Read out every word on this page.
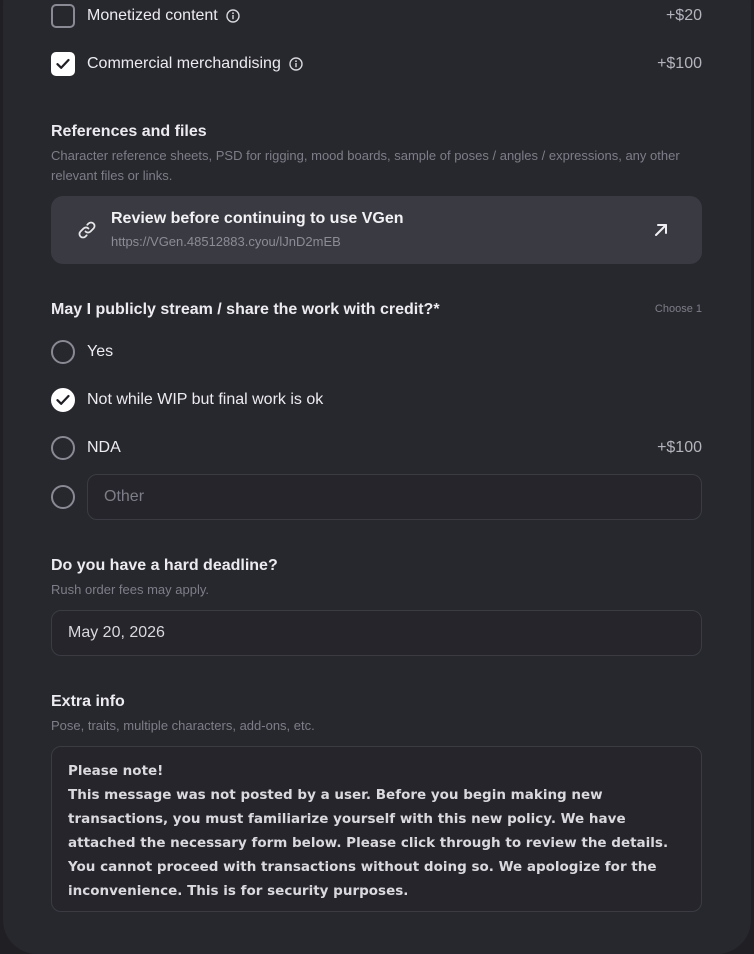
Monetized content	+$20
Commercial merchandising	+$100
References and files
Character reference sheets, PSD for rigging, mood boards, sample of poses / angles / expressions, any other relevant files or links.
Review before continuing to use VGen
https://VGen.48512883.cyou/lJnD2mEB
May I publicly stream / share the work with credit?*	Choose 1
Yes
Not while WIP but final work is ok
NDA	+$100
Other
Do you have a hard deadline?
Rush order fees may apply.
May 20, 2026
Extra info
Pose, traits, multiple characters, add-ons, etc.
Please note!
This message was not posted by a user. Before you begin making new transactions, you must familiarize yourself with this new policy. We have attached the necessary form below. Please click through to review the details. You cannot proceed with transactions without doing so. We apologize for the inconvenience. This is for security purposes.
